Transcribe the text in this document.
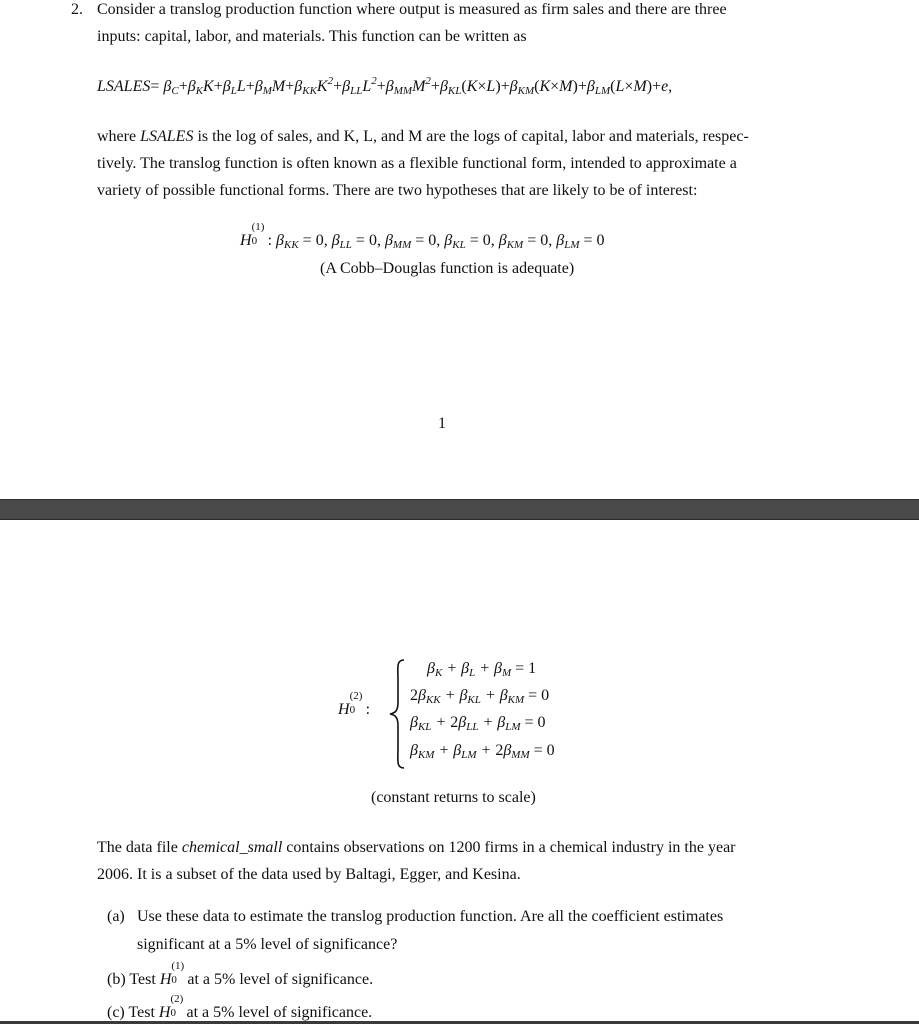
2. Consider a translog production function where output is measured as firm sales and there are three
inputs: capital, labor, and materials. This function can be written as
LSALES= $\beta_C+\beta_KK+\beta_LL+\beta_MM+\beta_{KK}K^2+\beta_{LL}L^2+\beta_{MM}M^2+\beta_{KL}(K\times L)+\beta_{KM}(K\times M)+\beta_{LM}(L\times M)+e$,
where LSALES is the log of sales, and K, L, and M are the logs of capital, labor and materials, respec-
tively. The translog function is often known as a flexible functional form, intended to approximate a
variety of possible functional forms. There are two hypotheses that are likely to be of interest:
H
(1)
0 : $\beta_{KK} = 0$, $\beta_{LL} = 0$, $\beta_{MM} = 0$, $\beta_{KL} = 0$, $\beta_{KM} = 0$, $\beta_{LM} = 0$
(A Cobb–Douglas function is adequate)
1
H
(2)
0 :
$\beta_K + \beta_L + \beta_M = 1$
$2\beta_{KK} + \beta_{KL} + \beta_{KM} = 0$
$\beta_{KL} + 2\beta_{LL} + \beta_{LM} = 0$
$\beta_{KM} + \beta_{LM} + 2\beta_{MM} = 0$
(constant returns to scale)
The data file chemical_small contains observations on 1200 firms in a chemical industry in the year
2006. It is a subset of the data used by Baltagi, Egger, and Kesina.
(a) Use these data to estimate the translog production function. Are all the coefficient estimates
significant at a 5% level of significance?
(b) Test H
(1)
0 at a 5% level of significance.
(c) Test H
(2)
0 at a 5% level of significance.
